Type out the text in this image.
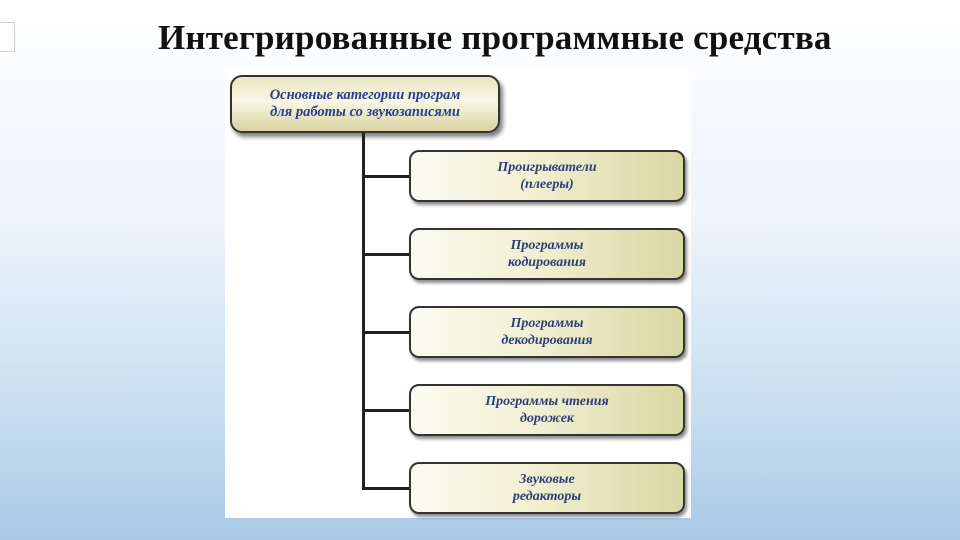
Интегрированные программные средства
Основные категории програм
для работы со звукозаписями
Проигрыватели
(плееры)
Программы
кодирования
Программы
декодирования
Программы чтения
дорожек
Звуковые
редакторы
